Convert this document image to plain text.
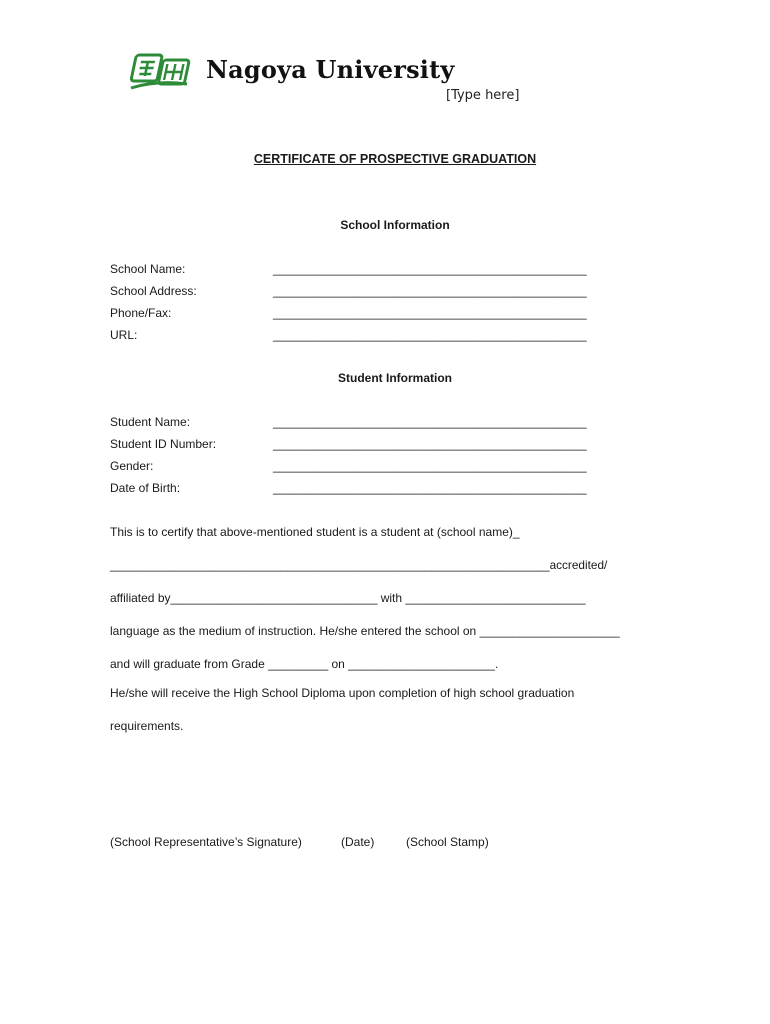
Nagoya University
[Type here]
CERTIFICATE OF PROSPECTIVE GRADUATION
School Information
School Name:	_______________________________________________
School Address:	_______________________________________________
Phone/Fax:	_______________________________________________
URL:	_______________________________________________
Student Information
Student Name:	_______________________________________________
Student ID Number:	_______________________________________________
Gender:	_______________________________________________
Date of Birth:	_______________________________________________
This is to certify that above-mentioned student is a student at (school name)_
___________________________________________________________________accredited/
affiliated by_______________________________ with ___________________________
language as the medium of instruction. He/she entered the school on _____________________
and will graduate from Grade _________ on ______________________.
He/she will receive the High School Diploma upon completion of high school graduation
requirements.
(School Representative’s Signature)	(Date)	(School Stamp)
